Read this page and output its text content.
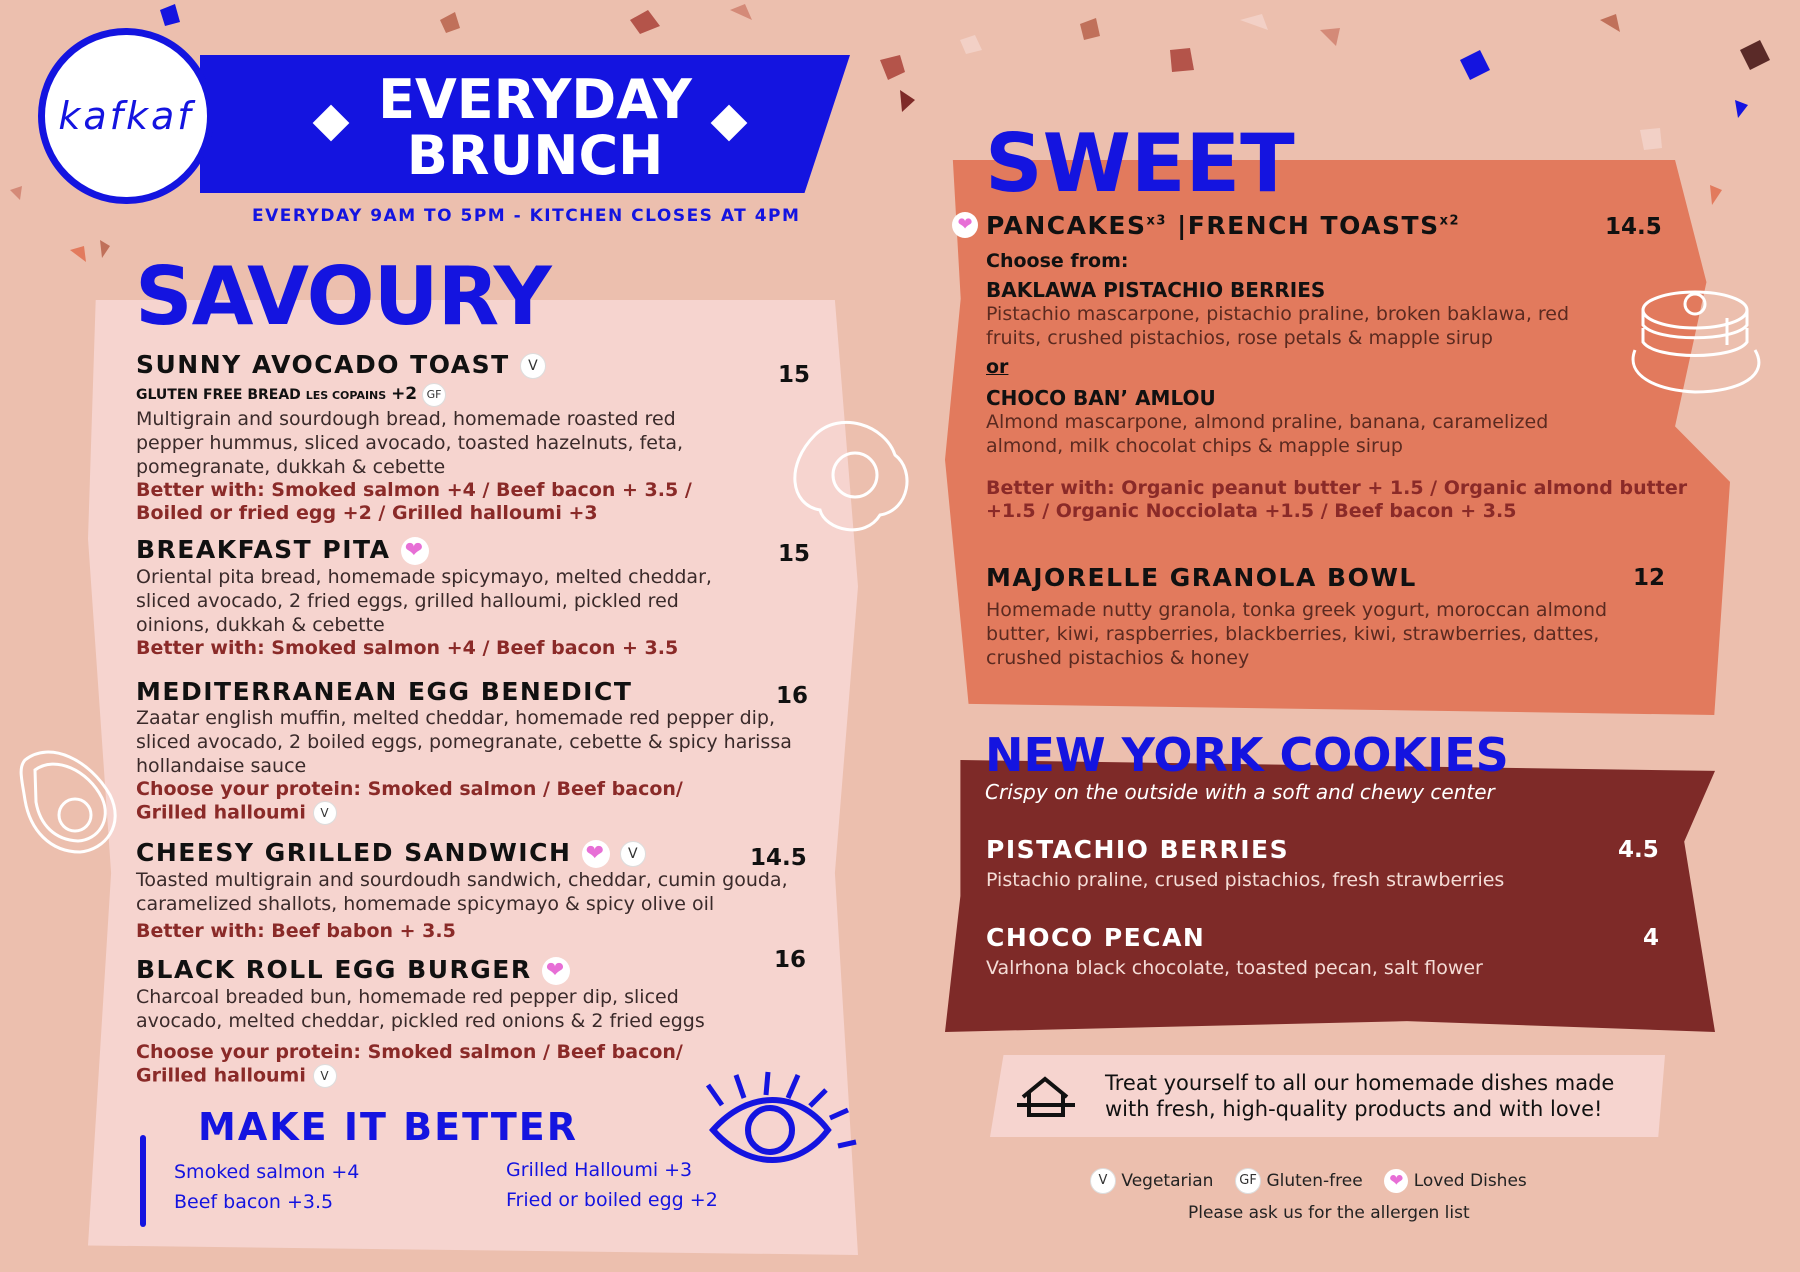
kafkaf	EVERYDAY
BRUNCH
EVERYDAY 9AM TO 5PM - KITCHEN CLOSES AT 4PM
SAVOURY
SUNNY AVOCADO TOAST V
GLUTEN FREE BREAD LES COPAINS +2 GF
Multigrain and sourdough bread, homemade roasted red pepper hummus, sliced avocado, toasted hazelnuts, feta, pomegranate, dukkah & cebette
Better with: Smoked salmon +4 / Beef bacon + 3.5 / Boiled or fried egg +2 / Grilled halloumi +3
15
BREAKFAST PITA ❤
Oriental pita bread, homemade spicymayo, melted cheddar, sliced avocado, 2 fried eggs, grilled halloumi, pickled red oinions, dukkah & cebette
Better with: Smoked salmon +4 / Beef bacon + 3.5
15
MEDITERRANEAN EGG BENEDICT
Zaatar english muffin, melted cheddar, homemade red pepper dip, sliced avocado, 2 boiled eggs, pomegranate, cebette & spicy harissa hollandaise sauce
Choose your protein: Smoked salmon / Beef bacon/
Grilled halloumi V
16
CHEESY GRILLED SANDWICH ❤ V
Toasted multigrain and sourdoudh sandwich, cheddar, cumin gouda, caramelized shallots, homemade spicymayo & spicy olive oil
Better with: Beef babon + 3.5
14.5
BLACK ROLL EGG BURGER ❤
Charcoal breaded bun, homemade red pepper dip, sliced avocado, melted cheddar, pickled red onions & 2 fried eggs
Choose your protein: Smoked salmon / Beef bacon/
Grilled halloumi V
16
MAKE IT BETTER
Smoked salmon +4
Beef bacon +3.5
Grilled Halloumi +3
Fried or boiled egg +2
SWEET
❤ $PANCAKES^{x3}$ |FRENCH $TOASTS^{x2}$	14.5
Choose from:
BAKLAWA PISTACHIO BERRIES
Pistachio mascarpone, pistachio praline, broken baklawa, red fruits, crushed pistachios, rose petals & mapple sirup
or
CHOCO BAN’ AMLOU
Almond mascarpone, almond praline, banana, caramelized almond, milk chocolat chips & mapple sirup
Better with: Organic peanut butter + 1.5 / Organic almond butter +1.5 / Organic Nocciolata +1.5 / Beef bacon + 3.5
MAJORELLE GRANOLA BOWL	12
Homemade nutty granola, tonka greek yogurt, moroccan almond butter, kiwi, raspberries, blackberries, kiwi, strawberries, dattes, crushed pistachios & honey
NEW YORK COOKIES
Crispy on the outside with a soft and chewy center
PISTACHIO BERRIES	4.5
Pistachio praline, crused pistachios, fresh strawberries
CHOCO PECAN	4
Valrhona black chocolate, toasted pecan, salt flower
Treat yourself to all our homemade dishes made with fresh, high-quality products and with love!
V Vegetarian GF Gluten-free ❤ Loved Dishes
Please ask us for the allergen list
